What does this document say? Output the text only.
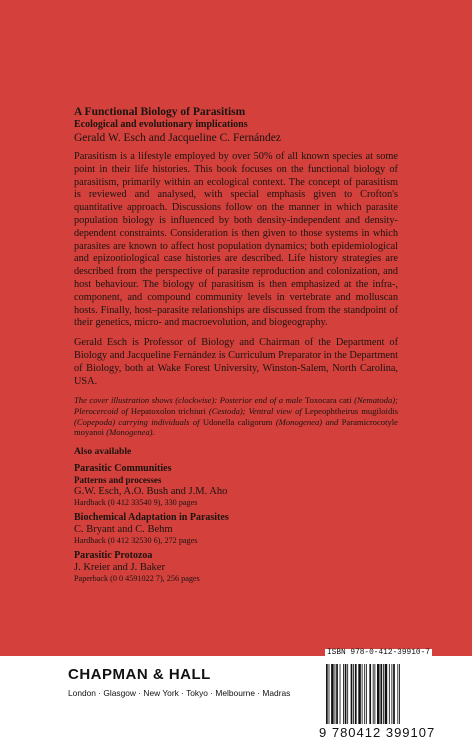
A Functional Biology of Parasitism
Ecological and evolutionary implications
Gerald W. Esch and Jacqueline C. Fernández

Parasitism is a lifestyle employed by over 50% of all known species at some point in their life histories. This book focuses on the functional biology of parasitism, primarily within an ecological context. The concept of parasitism is reviewed and analysed, with special emphasis given to Crofton's quantitative approach. Discussions follow on the manner in which parasite population biology is influenced by both density-independent and density-dependent constraints. Consideration is then given to those systems in which parasites are known to affect host population dynamics; both epidemiological and epizootiological case histories are described. Life history strategies are described from the perspective of parasite reproduction and colonization, and host behaviour. The biology of parasitism is then emphasized at the infra-, component, and compound community levels in vertebrate and molluscan hosts. Finally, host–parasite relationships are discussed from the standpoint of their genetics, micro- and macroevolution, and biogeography.

Gerald Esch is Professor of Biology and Chairman of the Department of Biology and Jacqueline Fernández is Curriculum Preparator in the Department of Biology, both at Wake Forest University, Winston-Salem, North Carolina, USA.

The cover illustration shows (clockwise): Posterior end of a male Toxocara cati (Nematoda); Plerocercoid of Hepatoxolon trichiuri (Cestoda); Ventral view of Lepeophtheirus mugiloidis (Copepoda) carrying individuals of Udonella caligorum (Monogenea) and Paramicrocotyle moyanoi (Monogenea).

Also available
Parasitic Communities
Patterns and processes
G.W. Esch, A.O. Bush and J.M. Aho
Hardback (0 412 33540 9), 330 pages
Biochemical Adaptation in Parasites
C. Bryant and C. Behm
Hardback (0 412 32530 6), 272 pages
Parasitic Protozoa
J. Kreier and J. Baker
Paperback (0 0 4591022 7), 256 pages
CHAPMAN & HALL
London · Glasgow · New York · Tokyo · Melbourne · Madras
ISBN 978-0-412-39910-7
9 780412 399107
